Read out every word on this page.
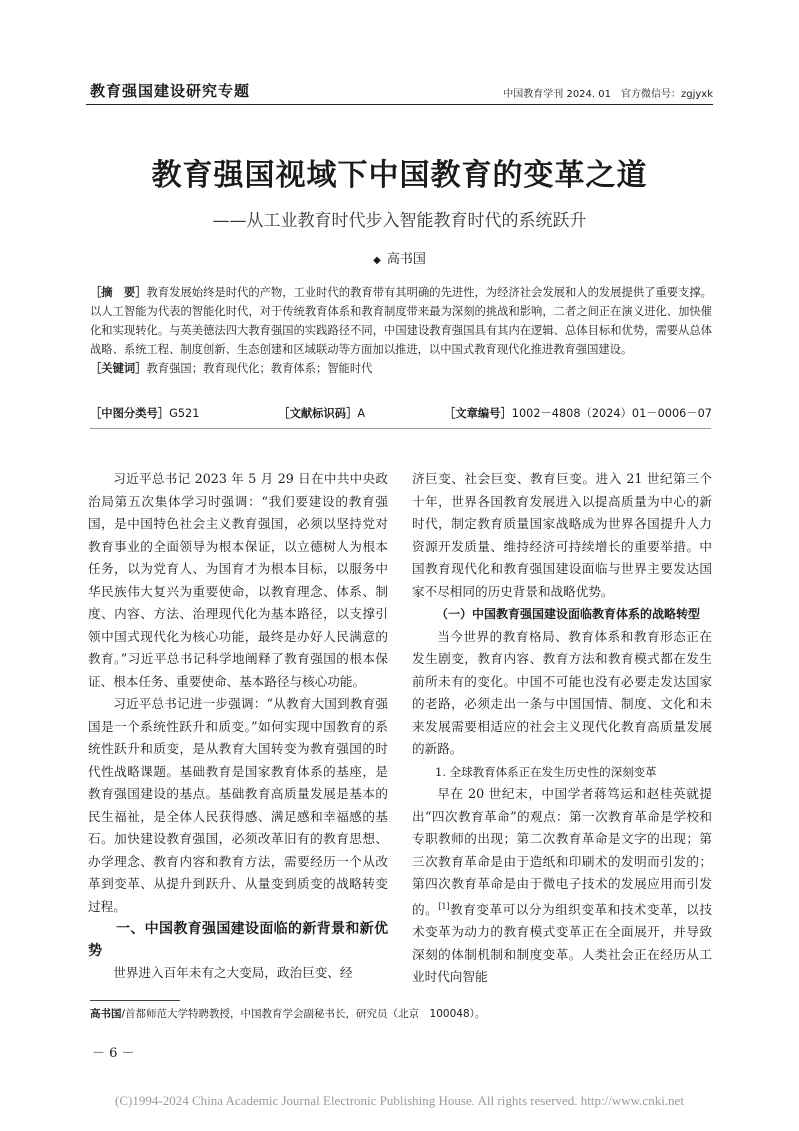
教育强国建设研究专题	中国教育学刊 2024. 01　官方微信号：zgjyxk
教育强国视域下中国教育的变革之道
——从工业教育时代步入智能教育时代的系统跃升
◆ 高书国
［摘　要］教育发展始终是时代的产物，工业时代的教育带有其明确的先进性，为经济社会发展和人的发展提供了重要支撑。以人工智能为代表的智能化时代，对于传统教育体系和教育制度带来最为深刻的挑战和影响，二者之间正在演义进化、加快催化和实现转化。与英美德法四大教育强国的实践路径不同，中国建设教育强国具有其内在逻辑、总体目标和优势，需要从总体战略、系统工程、制度创新、生态创建和区域联动等方面加以推进，以中国式教育现代化推进教育强国建设。
［关键词］教育强国；教育现代化；教育体系；智能时代
［中图分类号］G521	［文献标识码］A	［文章编号］1002－4808（2024）01－0006－07

习近平总书记 2023 年 5 月 29 日在中共中央政治局第五次集体学习时强调：“我们要建设的教育强国，是中国特色社会主义教育强国，必须以坚持党对教育事业的全面领导为根本保证，以立德树人为根本任务，以为党育人、为国育才为根本目标，以服务中华民族伟大复兴为重要使命，以教育理念、体系、制度、内容、方法、治理现代化为基本路径，以支撑引领中国式现代化为核心功能，最终是办好人民满意的教育。”习近平总书记科学地阐释了教育强国的根本保证、根本任务、重要使命、基本路径与核心功能。

习近平总书记进一步强调：“从教育大国到教育强国是一个系统性跃升和质变。”如何实现中国教育的系统性跃升和质变，是从教育大国转变为教育强国的时代性战略课题。基础教育是国家教育体系的基座，是教育强国建设的基点。基础教育高质量发展是基本的民生福祉，是全体人民获得感、满足感和幸福感的基石。加快建设教育强国，必须改革旧有的教育思想、办学理念、教育内容和教育方法，需要经历一个从改革到变革、从提升到跃升、从量变到质变的战略转变过程。

一、中国教育强国建设面临的新背景和新优势

世界进入百年未有之大变局，政治巨变、经

济巨变、社会巨变、教育巨变。进入 21 世纪第三个十年，世界各国教育发展进入以提高质量为中心的新时代，制定教育质量国家战略成为世界各国提升人力资源开发质量、维持经济可持续增长的重要举措。中国教育现代化和教育强国建设面临与世界主要发达国家不尽相同的历史背景和战略优势。

（一）中国教育强国建设面临教育体系的战略转型

当今世界的教育格局、教育体系和教育形态正在发生剧变，教育内容、教育方法和教育模式都在发生前所未有的变化。中国不可能也没有必要走发达国家的老路，必须走出一条与中国国情、制度、文化和未来发展需要相适应的社会主义现代化教育高质量发展的新路。

1. 全球教育体系正在发生历史性的深刻变革

早在 20 世纪末，中国学者蒋笃运和赵桂英就提出“四次教育革命”的观点：第一次教育革命是学校和专职教师的出现；第二次教育革命是文字的出现；第三次教育革命是由于造纸和印刷术的发明而引发的；第四次教育革命是由于微电子技术的发展应用而引发的。[1]教育变革可以分为组织变革和技术变革，以技术变革为动力的教育模式变革正在全面展开，并导致深刻的体制机制和制度变革。人类社会正在经历从工业时代向智能

高书国/首都师范大学特聘教授，中国教育学会副秘书长，研究员（北京　100048）。
－ 6 －
(C)1994-2024 China Academic Journal Electronic Publishing House. All rights reserved. http://www.cnki.net
